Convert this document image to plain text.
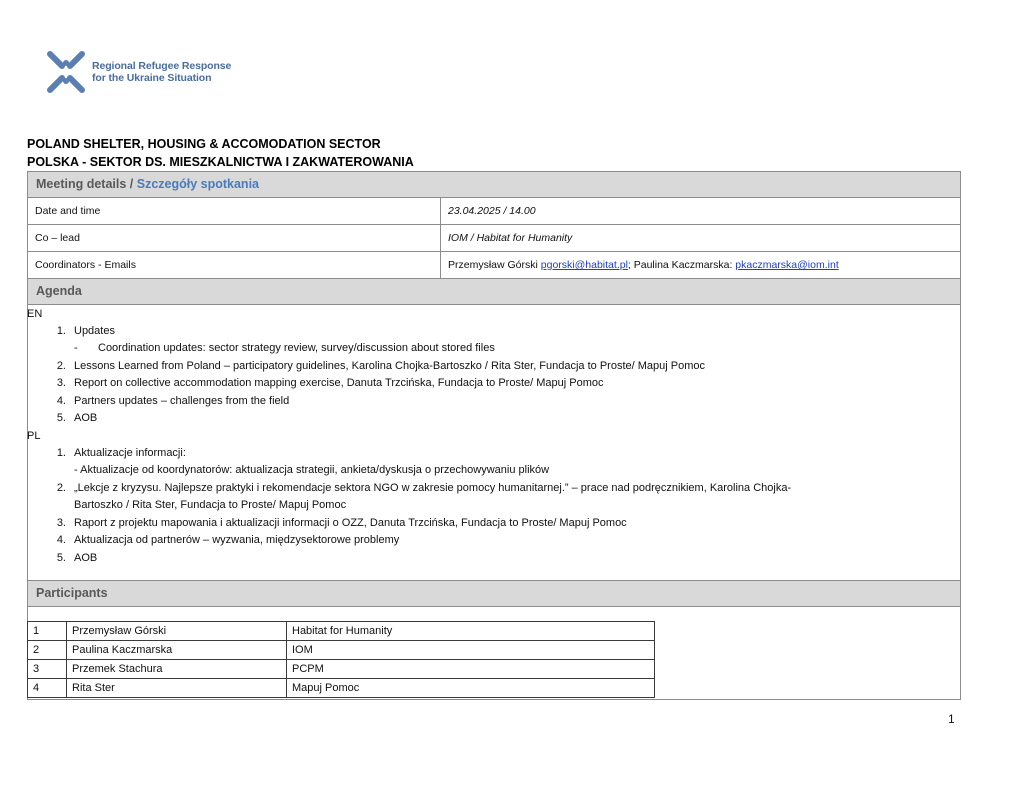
Regional Refugee Response
for the Ukraine Situation
POLAND SHELTER, HOUSING & ACCOMODATION SECTOR
POLSKA - SEKTOR DS. MIESZKALNICTWA I ZAKWATEROWANIA
Meeting details / Szczegóły spotkania
Date and time	23.04.2025 / 14.00
Co – lead	IOM / Habitat for Humanity
Coordinators - Emails	Przemysław Górski pgorski@habitat.pl; Paulina Kaczmarska: pkaczmarska@iom.int
Agenda
EN
1. Updates
- Coordination updates: sector strategy review, survey/discussion about stored files
2. Lessons Learned from Poland – participatory guidelines, Karolina Chojka-Bartoszko / Rita Ster, Fundacja to Proste/ Mapuj Pomoc
3. Report on collective accommodation mapping exercise, Danuta Trzcińska, Fundacja to Proste/ Mapuj Pomoc
4. Partners updates – challenges from the field
5. AOB
PL
1. Aktualizacje informacji:
- Aktualizacje od koordynatorów: aktualizacja strategii, ankieta/dyskusja o przechowywaniu plików
2. „Lekcje z kryzysu. Najlepsze praktyki i rekomendacje sektora NGO w zakresie pomocy humanitarnej.” – prace nad podręcznikiem, Karolina Chojka-
Bartoszko / Rita Ster, Fundacja to Proste/ Mapuj Pomoc
3. Raport z projektu mapowania i aktualizacji informacji o OZZ, Danuta Trzcińska, Fundacja to Proste/ Mapuj Pomoc
4. Aktualizacja od partnerów – wyzwania, międzysektorowe problemy
5. AOB
Participants
1	Przemysław Górski	Habitat for Humanity
2	Paulina Kaczmarska	IOM
3	Przemek Stachura	PCPM
4	Rita Ster	Mapuj Pomoc
1
